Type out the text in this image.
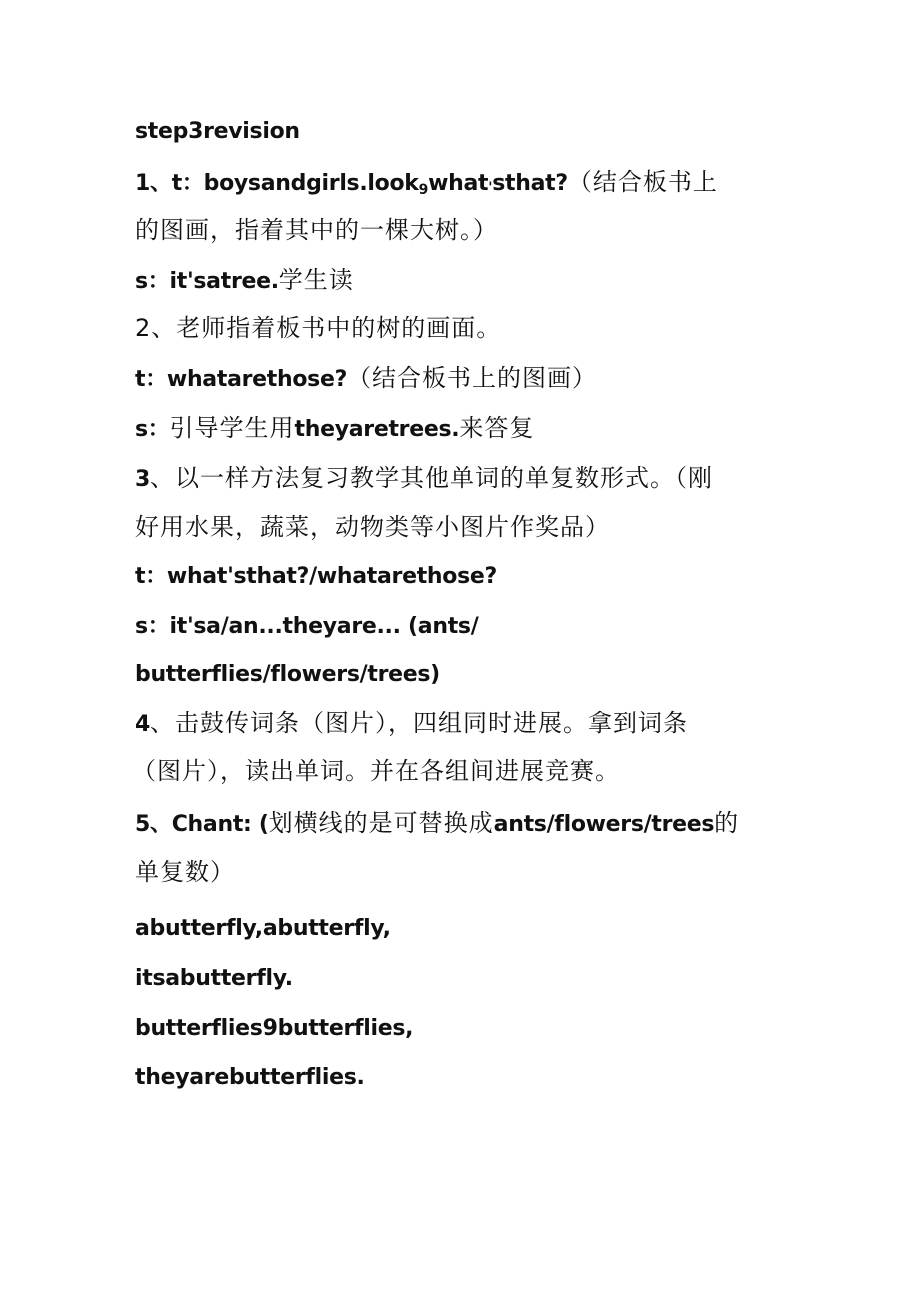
step3revision
1、t：boysandgirls.look9what'sthat?（结合板书上
的图画，指着其中的一棵大树。）
s：it'satree.学生读
2、老师指着板书中的树的画面。
t：whatarethose?（结合板书上的图画）
s：引导学生用theyaretrees.来答复
3、以一样方法复习教学其他单词的单复数形式。（刚
好用水果，蔬菜，动物类等小图片作奖品）
t：what'sthat?/whatarethose?
s：it'sa/an...theyare... (ants/
butterflies/flowers/trees)
4、击鼓传词条（图片），四组同时进展。拿到词条
（图片），读出单词。并在各组间进展竞赛。
5、Chant: (划横线的是可替换成ants/flowers/trees的
单复数）
abutterfly,abutterfly,
itsabutterfly.
butterflies9butterflies,
theyarebutterflies.
